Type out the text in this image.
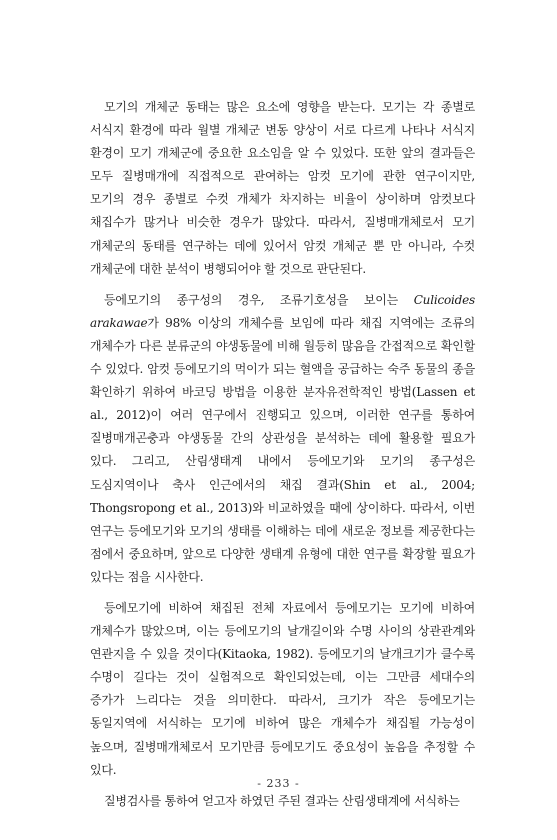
모기의 개체군 동태는 많은 요소에 영향을 받는다. 모기는 각 종별로 서식지 환경에 따라 월별 개체군 변동 양상이 서로 다르게 나타나 서식지 환경이 모기 개체군에 중요한 요소임을 알 수 있었다. 또한 앞의 결과들은 모두 질병매개에 직접적으로 관여하는 암컷 모기에 관한 연구이지만, 모기의 경우 종별로 수컷 개체가 차지하는 비율이 상이하며 암컷보다 채집수가 많거나 비슷한 경우가 많았다. 따라서, 질병매개체로서 모기 개체군의 동태를 연구하는 데에 있어서 암컷 개체군 뿐 만 아니라, 수컷 개체군에 대한 분석이 병행되어야 할 것으로 판단된다.

등에모기의 종구성의 경우, 조류기호성을 보이는 Culicoides arakawae가 98% 이상의 개체수를 보임에 따라 채집 지역에는 조류의 개체수가 다른 분류군의 야생동물에 비해 월등히 많음을 간접적으로 확인할 수 있었다. 암컷 등에모기의 먹이가 되는 혈액을 공급하는 숙주 동물의 종을 확인하기 위하여 바코딩 방법을 이용한 분자유전학적인 방법(Lassen et al., 2012)이 여러 연구에서 진행되고 있으며, 이러한 연구를 통하여 질병매개곤충과 야생동물 간의 상관성을 분석하는 데에 활용할 필요가 있다. 그리고, 산림생태계 내에서 등에모기와 모기의 종구성은 도심지역이나 축사 인근에서의 채집 결과(Shin et al., 2004; Thongsropong et al., 2013)와 비교하였을 때에 상이하다. 따라서, 이번 연구는 등에모기와 모기의 생태를 이해하는 데에 새로운 정보를 제공한다는 점에서 중요하며, 앞으로 다양한 생태계 유형에 대한 연구를 확장할 필요가 있다는 점을 시사한다.

등에모기에 비하여 채집된 전체 자료에서 등에모기는 모기에 비하여 개체수가 많았으며, 이는 등에모기의 날개길이와 수명 사이의 상관관계와 연관지을 수 있을 것이다(Kitaoka, 1982). 등에모기의 날개크기가 클수록 수명이 길다는 것이 실험적으로 확인되었는데, 이는 그만큼 세대수의 증가가 느리다는 것을 의미한다. 따라서, 크기가 작은 등에모기는 동일지역에 서식하는 모기에 비하여 많은 개체수가 채집될 가능성이 높으며, 질병매개체로서 모기만큼 등에모기도 중요성이 높음을 추정할 수 있다.

질병검사를 통하여 얻고자 하였던 주된 결과는 산림생태계에 서식하는

- 233 -
